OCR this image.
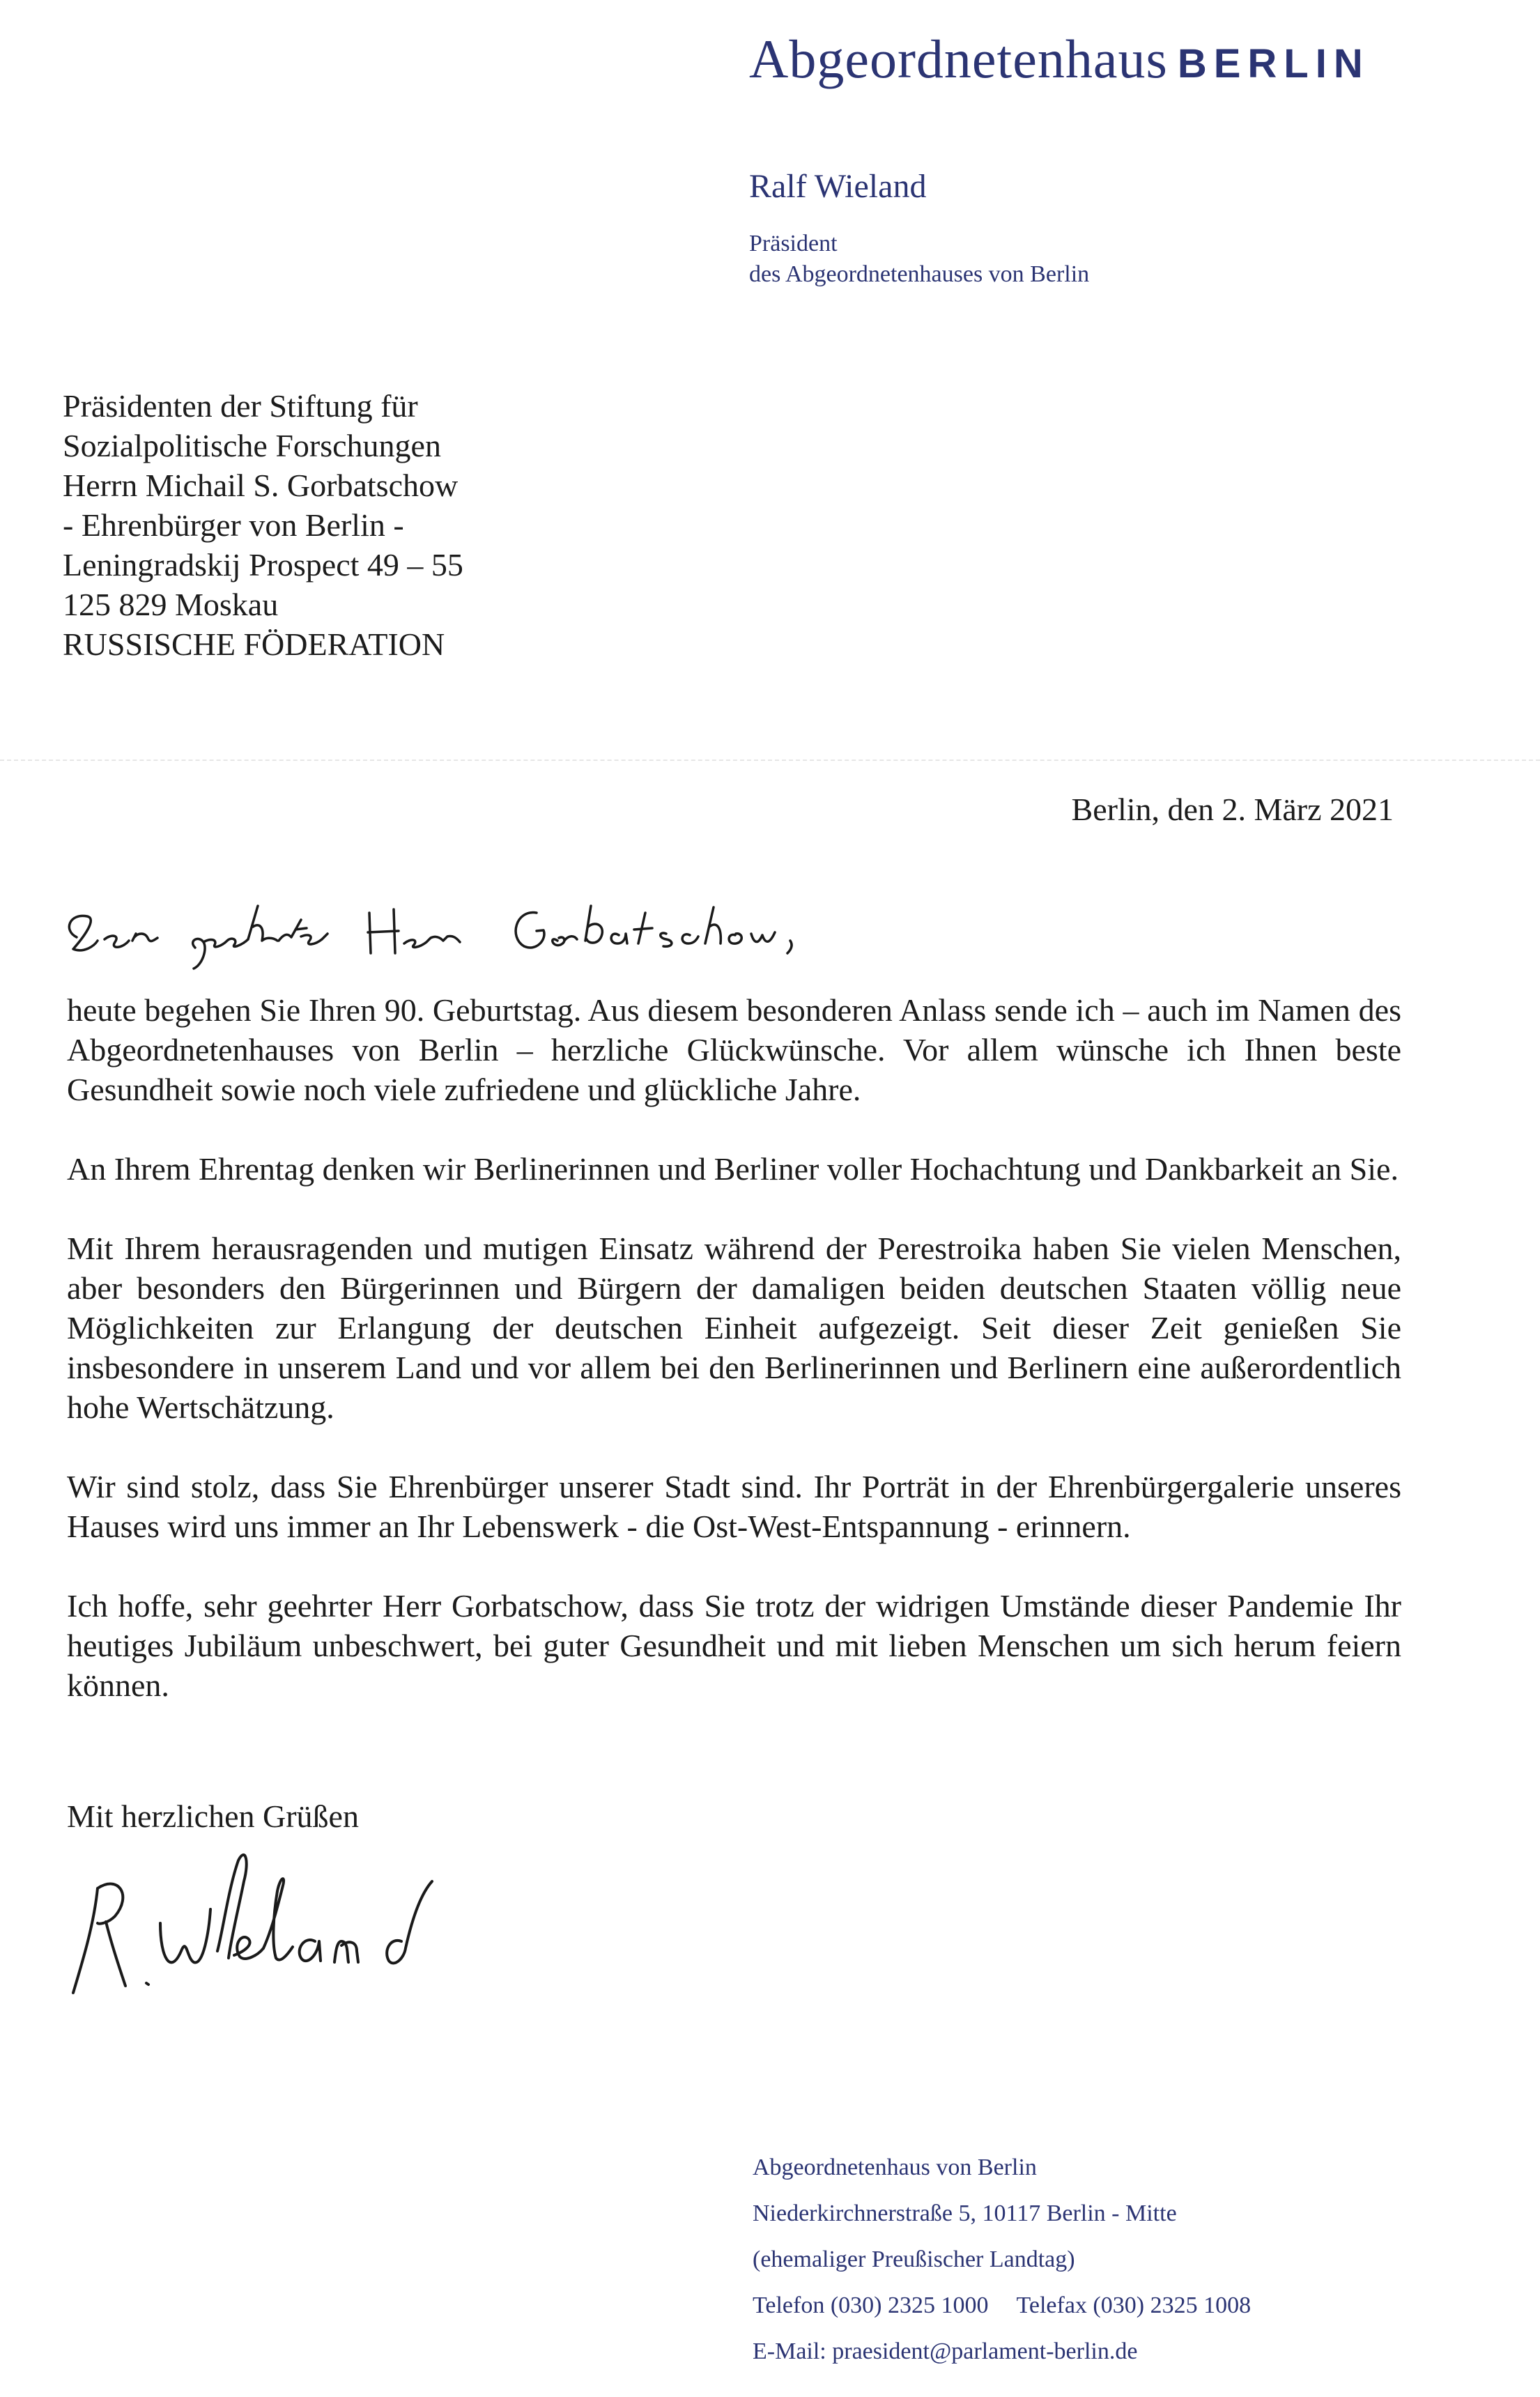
Abgeordnetenhaus BERLIN
Ralf Wieland
Präsident
des Abgeordnetenhauses von Berlin
Präsidenten der Stiftung für
Sozialpolitische Forschungen
Herrn Michail S. Gorbatschow
- Ehrenbürger von Berlin -
Leningradskij Prospect 49 – 55
125 829 Moskau
RUSSISCHE FÖDERATION
Berlin, den 2. März 2021

heute begehen Sie Ihren 90. Geburtstag. Aus diesem besonderen Anlass sende ich – auch im Namen des Abgeordnetenhauses von Berlin – herzliche Glückwünsche. Vor allem wünsche ich Ihnen beste Gesundheit sowie noch viele zufriedene und glückliche Jahre.

An Ihrem Ehrentag denken wir Berlinerinnen und Berliner voller Hochachtung und Dankbarkeit an Sie.

Mit Ihrem herausragenden und mutigen Einsatz während der Perestroika haben Sie vielen Menschen, aber besonders den Bürgerinnen und Bürgern der damaligen beiden deutschen Staaten völlig neue Möglichkeiten zur Erlangung der deutschen Einheit aufgezeigt. Seit dieser Zeit genießen Sie insbesondere in unserem Land und vor allem bei den Berlinerinnen und Berlinern eine außerordentlich hohe Wertschätzung.

Wir sind stolz, dass Sie Ehrenbürger unserer Stadt sind. Ihr Porträt in der Ehrenbürgergalerie unseres Hauses wird uns immer an Ihr Lebenswerk - die Ost-West-Entspannung - erinnern.

Ich hoffe, sehr geehrter Herr Gorbatschow, dass Sie trotz der widrigen Umstände dieser Pandemie Ihr heutiges Jubiläum unbeschwert, bei guter Gesundheit und mit lieben Menschen um sich herum feiern können.

Mit herzlichen Grüßen
Abgeordnetenhaus von Berlin
Niederkirchnerstraße 5, 10117 Berlin - Mitte
(ehemaliger Preußischer Landtag)
Telefon (030) 2325 1000 Telefax (030) 2325 1008
E-Mail: praesident@parlament-berlin.de
